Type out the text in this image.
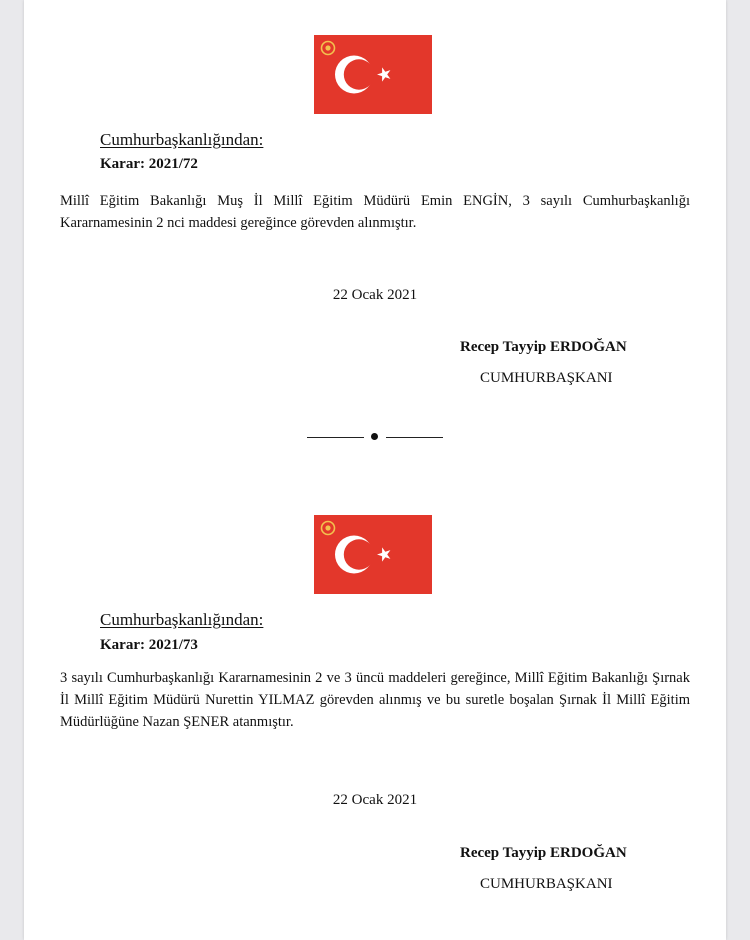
Cumhurbaşkanlığından:
Karar: 2021/72
Millî Eğitim Bakanlığı Muş İl Millî Eğitim Müdürü Emin ENGİN, 3 sayılı Cumhurbaşkanlığı Kararnamesinin 2 nci maddesi gereğince görevden alınmıştır.
22 Ocak 2021
Recep Tayyip ERDOĞAN
CUMHURBAŞKANI
Cumhurbaşkanlığından:
Karar: 2021/73
3 sayılı Cumhurbaşkanlığı Kararnamesinin 2 ve 3 üncü maddeleri gereğince, Millî Eğitim Bakanlığı Şırnak İl Millî Eğitim Müdürü Nurettin YILMAZ görevden alınmış ve bu suretle boşalan Şırnak İl Millî Eğitim Müdürlüğüne Nazan ŞENER atanmıştır.
22 Ocak 2021
Recep Tayyip ERDOĞAN
CUMHURBAŞKANI
